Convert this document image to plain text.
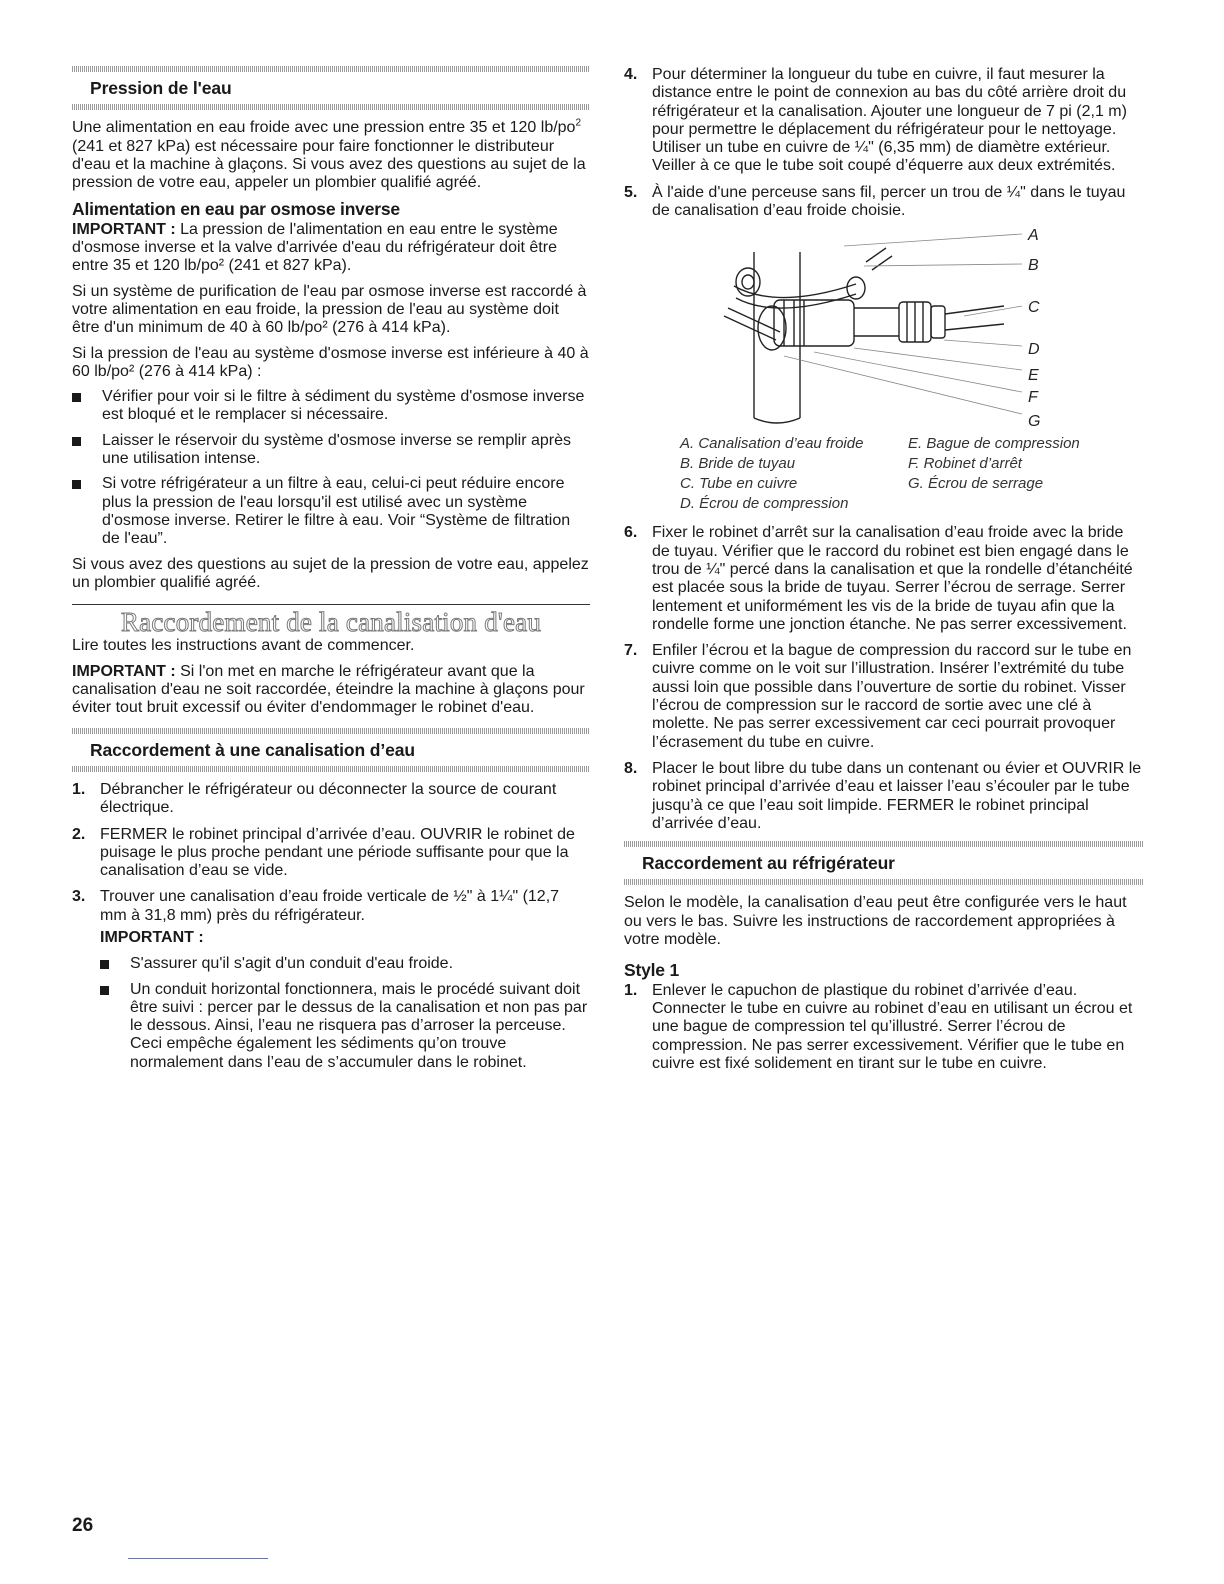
Pression de l'eau

Une alimentation en eau froide avec une pression entre 35 et 120 $lb/po^2$ (241 et 827 kPa) est nécessaire pour faire fonctionner le distributeur d'eau et la machine à glaçons. Si vous avez des questions au sujet de la pression de votre eau, appeler un plombier qualifié agréé.

Alimentation en eau par osmose inverse

IMPORTANT : La pression de l'alimentation en eau entre le système d'osmose inverse et la valve d'arrivée d'eau du réfrigérateur doit être entre 35 et 120 lb/po² (241 et 827 kPa).

Si un système de purification de l'eau par osmose inverse est raccordé à votre alimentation en eau froide, la pression de l'eau au système doit être d'un minimum de 40 à 60 lb/po² (276 à 414 kPa).

Si la pression de l'eau au système d'osmose inverse est inférieure à 40 à 60 lb/po² (276 à 414 kPa) :

Vérifier pour voir si le filtre à sédiment du système d'osmose inverse est bloqué et le remplacer si nécessaire.
Laisser le réservoir du système d'osmose inverse se remplir après une utilisation intense.
Si votre réfrigérateur a un filtre à eau, celui-ci peut réduire encore plus la pression de l'eau lorsqu'il est utilisé avec un système d'osmose inverse. Retirer le filtre à eau. Voir “Système de filtration de l'eau”.

Si vous avez des questions au sujet de la pression de votre eau, appelez un plombier qualifié agréé.

Raccordement de la canalisation d'eau

Lire toutes les instructions avant de commencer.

IMPORTANT : Si l'on met en marche le réfrigérateur avant que la canalisation d'eau ne soit raccordée, éteindre la machine à glaçons pour éviter tout bruit excessif ou éviter d'endommager le robinet d'eau.

Raccordement à une canalisation d’eau
1. Débrancher le réfrigérateur ou déconnecter la source de courant électrique.
2. FERMER le robinet principal d’arrivée d’eau. OUVRIR le robinet de puisage le plus proche pendant une période suffisante pour que la canalisation d’eau se vide.
3. Trouver une canalisation d’eau froide verticale de ½" à 1¼" (12,7 mm à 31,8 mm) près du réfrigérateur.
IMPORTANT :
S'assurer qu'il s'agit d'un conduit d'eau froide.
Un conduit horizontal fonctionnera, mais le procédé suivant doit être suivi : percer par le dessus de la canalisation et non pas par le dessous. Ainsi, l’eau ne risquera pas d’arroser la perceuse. Ceci empêche également les sédiments qu’on trouve normalement dans l’eau de s’accumuler dans le robinet.
4. Pour déterminer la longueur du tube en cuivre, il faut mesurer la distance entre le point de connexion au bas du côté arrière droit du réfrigérateur et la canalisation. Ajouter une longueur de 7 pi (2,1 m) pour permettre le déplacement du réfrigérateur pour le nettoyage. Utiliser un tube en cuivre de ¼" (6,35 mm) de diamètre extérieur. Veiller à ce que le tube soit coupé d’équerre aux deux extrémités.
5. À l'aide d'une perceuse sans fil, percer un trou de ¼" dans le tuyau de canalisation d’eau froide choisie.
A
B
C
D
E
F
G
A. Canalisation d’eau froide
B. Bride de tuyau
C. Tube en cuivre
D. Écrou de compression
E. Bague de compression
F. Robinet d’arrêt
G. Écrou de serrage
6. Fixer le robinet d’arrêt sur la canalisation d’eau froide avec la bride de tuyau. Vérifier que le raccord du robinet est bien engagé dans le trou de ¼" percé dans la canalisation et que la rondelle d’étanchéité est placée sous la bride de tuyau. Serrer l’écrou de serrage. Serrer lentement et uniformément les vis de la bride de tuyau afin que la rondelle forme une jonction étanche. Ne pas serrer excessivement.
7. Enfiler l’écrou et la bague de compression du raccord sur le tube en cuivre comme on le voit sur l’illustration. Insérer l’extrémité du tube aussi loin que possible dans l’ouverture de sortie du robinet. Visser l’écrou de compression sur le raccord de sortie avec une clé à molette. Ne pas serrer excessivement car ceci pourrait provoquer l’écrasement du tube en cuivre.
8. Placer le bout libre du tube dans un contenant ou évier et OUVRIR le robinet principal d’arrivée d’eau et laisser l’eau s’écouler par le tube jusqu’à ce que l’eau soit limpide. FERMER le robinet principal d’arrivée d’eau.
Raccordement au réfrigérateur

Selon le modèle, la canalisation d’eau peut être configurée vers le haut ou vers le bas. Suivre les instructions de raccordement appropriées à votre modèle.

Style 1
1. Enlever le capuchon de plastique du robinet d’arrivée d’eau. Connecter le tube en cuivre au robinet d’eau en utilisant un écrou et une bague de compression tel qu’illustré. Serrer l’écrou de compression. Ne pas serrer excessivement. Vérifier que le tube en cuivre est fixé solidement en tirant sur le tube en cuivre.
26
